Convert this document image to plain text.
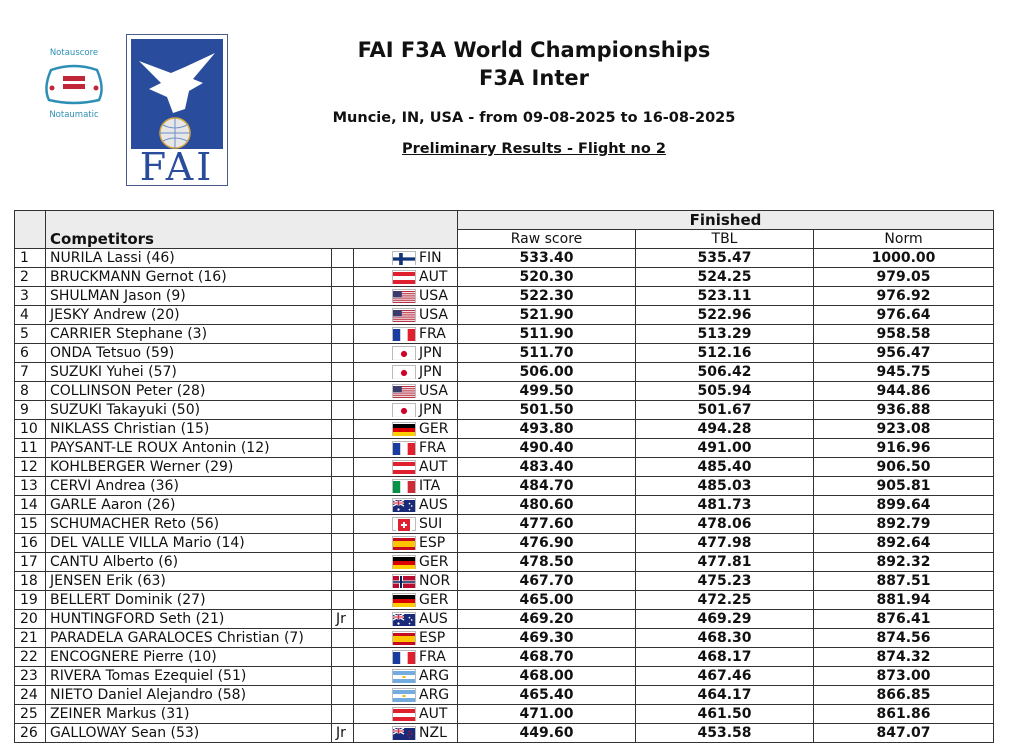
Notauscore
Notaumatic
FAI
FAI F3A World Championships
F3A Inter
Muncie, IN, USA - from 09-08-2025 to 16-08-2025
Preliminary Results - Flight no 2
	Competitors			Finished		
				Raw score	TBL	Norm
1	NURILA Lassi (46)		FIN	533.40	535.47	1000.00
2	BRUCKMANN Gernot (16)		AUT	520.30	524.25	979.05
3	SHULMAN Jason (9)		USA	522.30	523.11	976.92
4	JESKY Andrew (20)		USA	521.90	522.96	976.64
5	CARRIER Stephane (3)		FRA	511.90	513.29	958.58
6	ONDA Tetsuo (59)		JPN	511.70	512.16	956.47
7	SUZUKI Yuhei (57)		JPN	506.00	506.42	945.75
8	COLLINSON Peter (28)		USA	499.50	505.94	944.86
9	SUZUKI Takayuki (50)		JPN	501.50	501.67	936.88
10	NIKLASS Christian (15)		GER	493.80	494.28	923.08
11	PAYSANT-LE ROUX Antonin (12)		FRA	490.40	491.00	916.96
12	KOHLBERGER Werner (29)		AUT	483.40	485.40	906.50
13	CERVI Andrea (36)		ITA	484.70	485.03	905.81
14	GARLE Aaron (26)		AUS	480.60	481.73	899.64
15	SCHUMACHER Reto (56)		SUI	477.60	478.06	892.79
16	DEL VALLE VILLA Mario (14)		ESP	476.90	477.98	892.64
17	CANTU Alberto (6)		GER	478.50	477.81	892.32
18	JENSEN Erik (63)		NOR	467.70	475.23	887.51
19	BELLERT Dominik (27)		GER	465.00	472.25	881.94
20	HUNTINGFORD Seth (21)	Jr	AUS	469.20	469.29	876.41
21	PARADELA GARALOCES Christian (7)		ESP	469.30	468.30	874.56
22	ENCOGNERE Pierre (10)		FRA	468.70	468.17	874.32
23	RIVERA Tomas Ezequiel (51)		ARG	468.00	467.46	873.00
24	NIETO Daniel Alejandro (58)		ARG	465.40	464.17	866.85
25	ZEINER Markus (31)		AUT	471.00	461.50	861.86
26	GALLOWAY Sean (53)	Jr	NZL	449.60	453.58	847.07
